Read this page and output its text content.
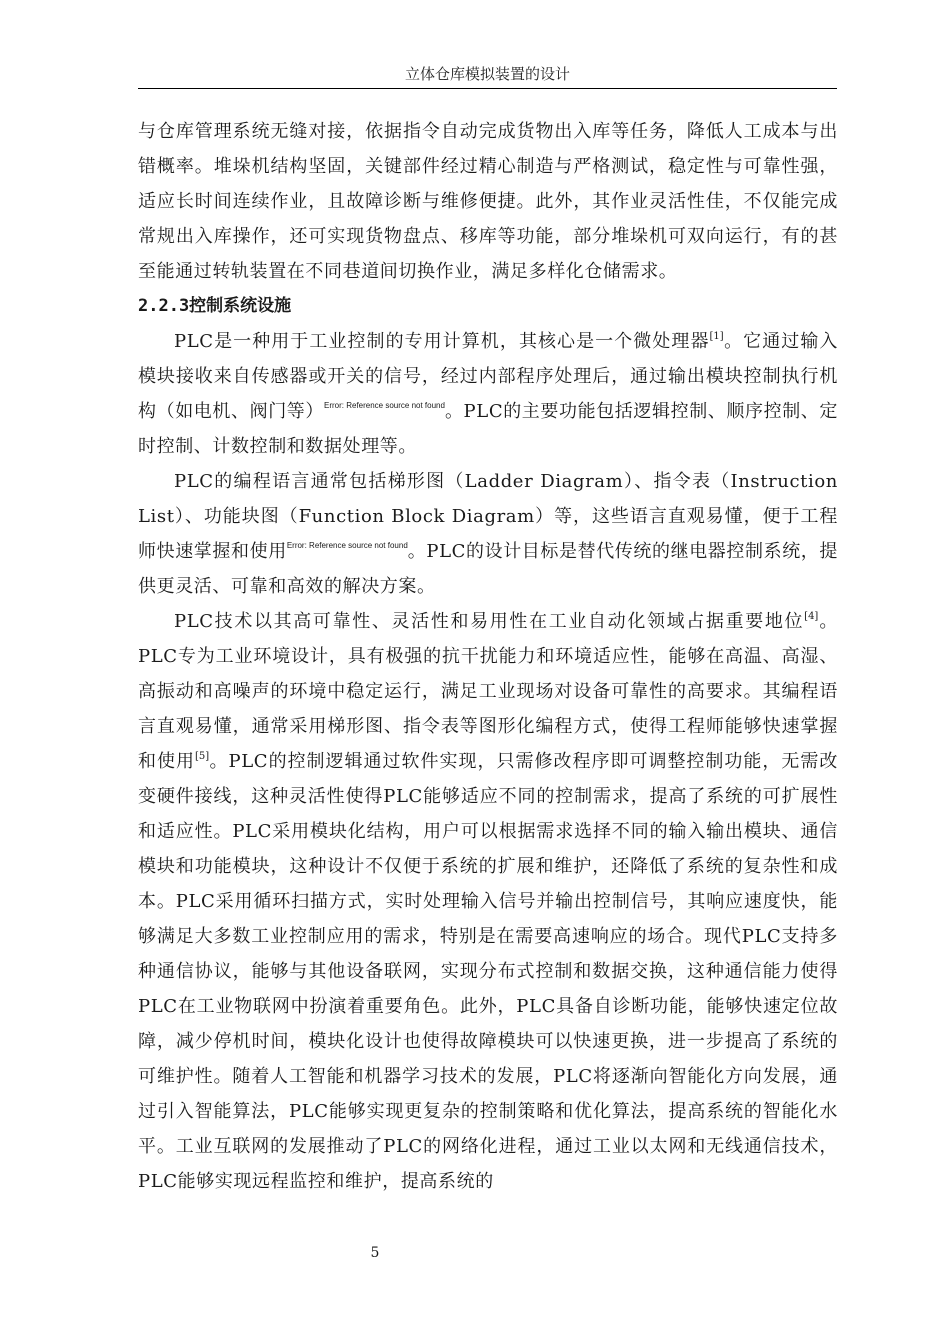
立体仓库模拟装置的设计

与仓库管理系统无缝对接，依据指令自动完成货物出入库等任务，降低人工成本与出错概率。堆垛机结构坚固，关键部件经过精心制造与严格测试，稳定性与可靠性强，适应长时间连续作业，且故障诊断与维修便捷。此外，其作业灵活性佳，不仅能完成常规出入库操作，还可实现货物盘点、移库等功能，部分堆垛机可双向运行，有的甚至能通过转轨装置在不同巷道间切换作业，满足多样化仓储需求。

2.2.3控制系统设施

PLC是一种用于工业控制的专用计算机，其核心是一个微处理器[1]。它通过输入模块接收来自传感器或开关的信号，经过内部程序处理后，通过输出模块控制执行机构（如电机、阀门等）$^{Error: Reference source not found}$。PLC的主要功能包括逻辑控制、顺序控制、定时控制、计数控制和数据处理等。

PLC的编程语言通常包括梯形图（Ladder Diagram）、指令表（Instruction List）、功能块图（Function Block Diagram）等，这些语言直观易懂，便于工程师快速掌握和使用$^{Error: Reference source not found}$。PLC的设计目标是替代传统的继电器控制系统，提供更灵活、可靠和高效的解决方案。

PLC技术以其高可靠性、灵活性和易用性在工业自动化领域占据重要地位[4]。PLC专为工业环境设计，具有极强的抗干扰能力和环境适应性，能够在高温、高湿、高振动和高噪声的环境中稳定运行，满足工业现场对设备可靠性的高要求。其编程语言直观易懂，通常采用梯形图、指令表等图形化编程方式，使得工程师能够快速掌握和使用[5]。PLC的控制逻辑通过软件实现，只需修改程序即可调整控制功能，无需改变硬件接线，这种灵活性使得PLC能够适应不同的控制需求，提高了系统的可扩展性和适应性。PLC采用模块化结构，用户可以根据需求选择不同的输入输出模块、通信模块和功能模块，这种设计不仅便于系统的扩展和维护，还降低了系统的复杂性和成本。PLC采用循环扫描方式，实时处理输入信号并输出控制信号，其响应速度快，能够满足大多数工业控制应用的需求，特别是在需要高速响应的场合。现代PLC支持多种通信协议，能够与其他设备联网，实现分布式控制和数据交换，这种通信能力使得PLC在工业物联网中扮演着重要角色。此外，PLC具备自诊断功能，能够快速定位故障，减少停机时间，模块化设计也使得故障模块可以快速更换，进一步提高了系统的可维护性。随着人工智能和机器学习技术的发展，PLC将逐渐向智能化方向发展，通过引入智能算法，PLC能够实现更复杂的控制策略和优化算法，提高系统的智能化水平。工业互联网的发展推动了PLC的网络化进程，通过工业以太网和无线通信技术，PLC能够实现远程监控和维护，提高系统的

5
